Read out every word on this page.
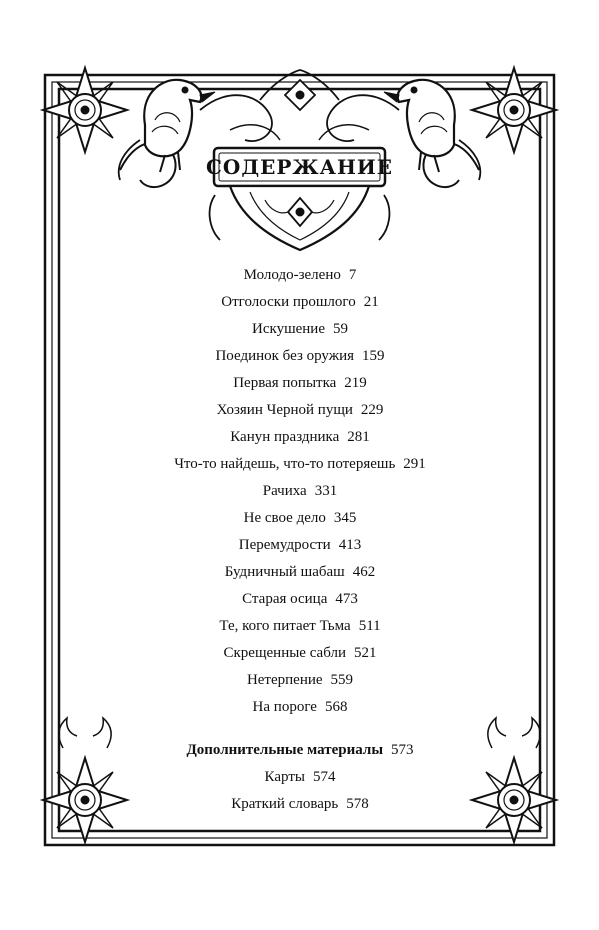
СОДЕРЖАНИЕ
Молодо-зелено 7
Отголоски прошлого 21
Искушение 59
Поединок без оружия 159
Первая попытка 219
Хозяин Черной пущи 229
Канун праздника 281
Что-то найдешь, что-то потеряешь 291
Рачиха 331
Не свое дело 345
Перемудрости 413
Будничный шабаш 462
Старая осица 473
Те, кого питает Тьма 511
Скрещенные сабли 521
Нетерпение 559
На пороге 568
Дополнительные материалы 573
Карты 574
Краткий словарь 578
